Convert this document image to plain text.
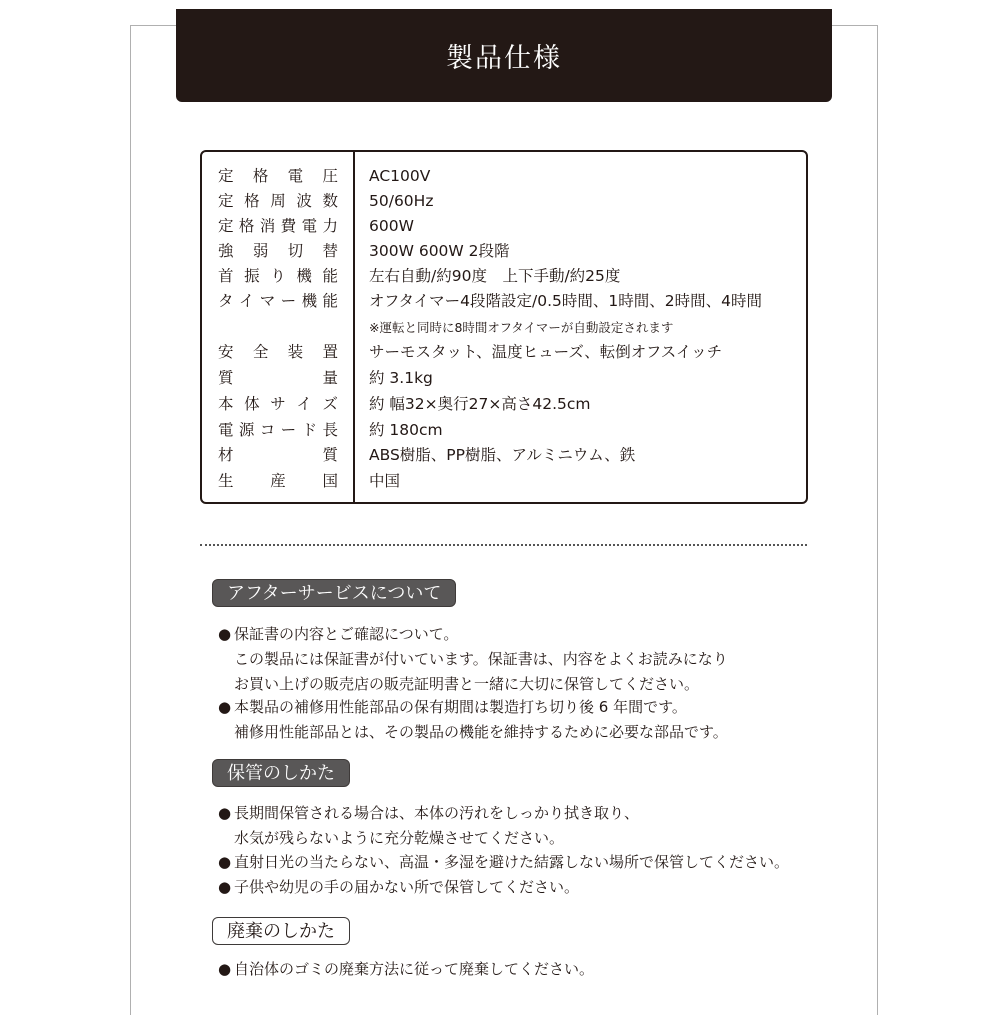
製品仕様
定 格 電 圧 AC100V
定 格 周 波 数 50/60Hz
定 格 消 費 電 力 600W
強 弱 切 替 300W 600W 2段階
首 振 り 機 能 左右自動/約90度　上下手動/約25度
タ イ マ ー 機 能 オフタイマー4段階設定/0.5時間、1時間、2時間、4時間
※運転と同時に8時間オフタイマーが自動設定されます
安 全 装 置 サーモスタット、温度ヒューズ、転倒オフスイッチ
質	量 約 3.1kg
本 体 サ イ ズ 約 幅32×奥行27×高さ42.5cm
電 源 コ ー ド 長 約 180cm
材	質 ABS樹脂、PP樹脂、アルミニウム、鉄
生 産 国 中国
アフターサービスについて
● 保証書の内容とご確認について。
この製品には保証書が付いています。保証書は、内容をよくお読みになり
お買い上げの販売店の販売証明書と一緒に大切に保管してください。
● 本製品の補修用性能部品の保有期間は製造打ち切り後 6 年間です。
補修用性能部品とは、その製品の機能を維持するために必要な部品です。
保管のしかた
● 長期間保管される場合は、本体の汚れをしっかり拭き取り、
水気が残らないように充分乾燥させてください。
● 直射日光の当たらない、高温・多湿を避けた結露しない場所で保管してください。
● 子供や幼児の手の届かない所で保管してください。
廃棄のしかた
● 自治体のゴミの廃棄方法に従って廃棄してください。
